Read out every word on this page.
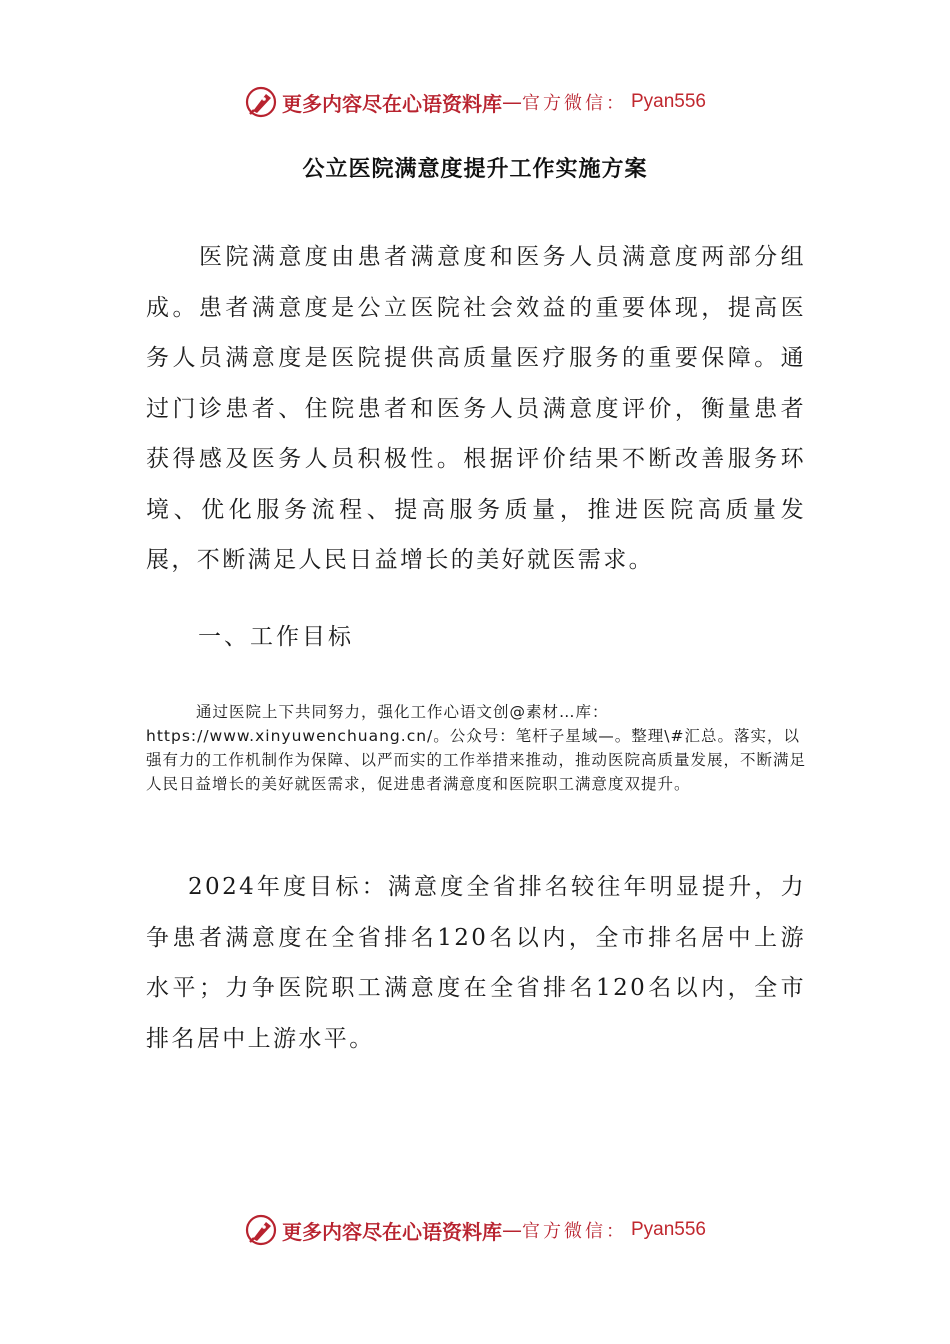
更多内容尽在心语资料库 — 官方微信： Pyan556
公立医院满意度提升工作实施方案
医院满意度由患者满意度和医务人员满意度两部分组成。患者满意度是公立医院社会效益的重要体现，提高医务人员满意度是医院提供高质量医疗服务的重要保障。通过门诊患者、住院患者和医务人员满意度评价，衡量患者获得感及医务人员积极性。根据评价结果不断改善服务环境、优化服务流程、提高服务质量，推进医院高质量发展，不断满足人民日益增长的美好就医需求。
一、工作目标
通过医院上下共同努力，强化工作心语文创@素材…库：https://www.xinyuwenchuang.cn/。公众号：笔杆子星域—。整理\#汇总。落实，以强有力的工作机制作为保障、以严而实的工作举措来推动，推动医院高质量发展，不断满足人民日益增长的美好就医需求，促进患者满意度和医院职工满意度双提升。
2024年度目标：满意度全省排名较往年明显提升，力争患者满意度在全省排名120名以内，全市排名居中上游水平；力争医院职工满意度在全省排名120名以内，全市排名居中上游水平。
更多内容尽在心语资料库 — 官方微信： Pyan556
